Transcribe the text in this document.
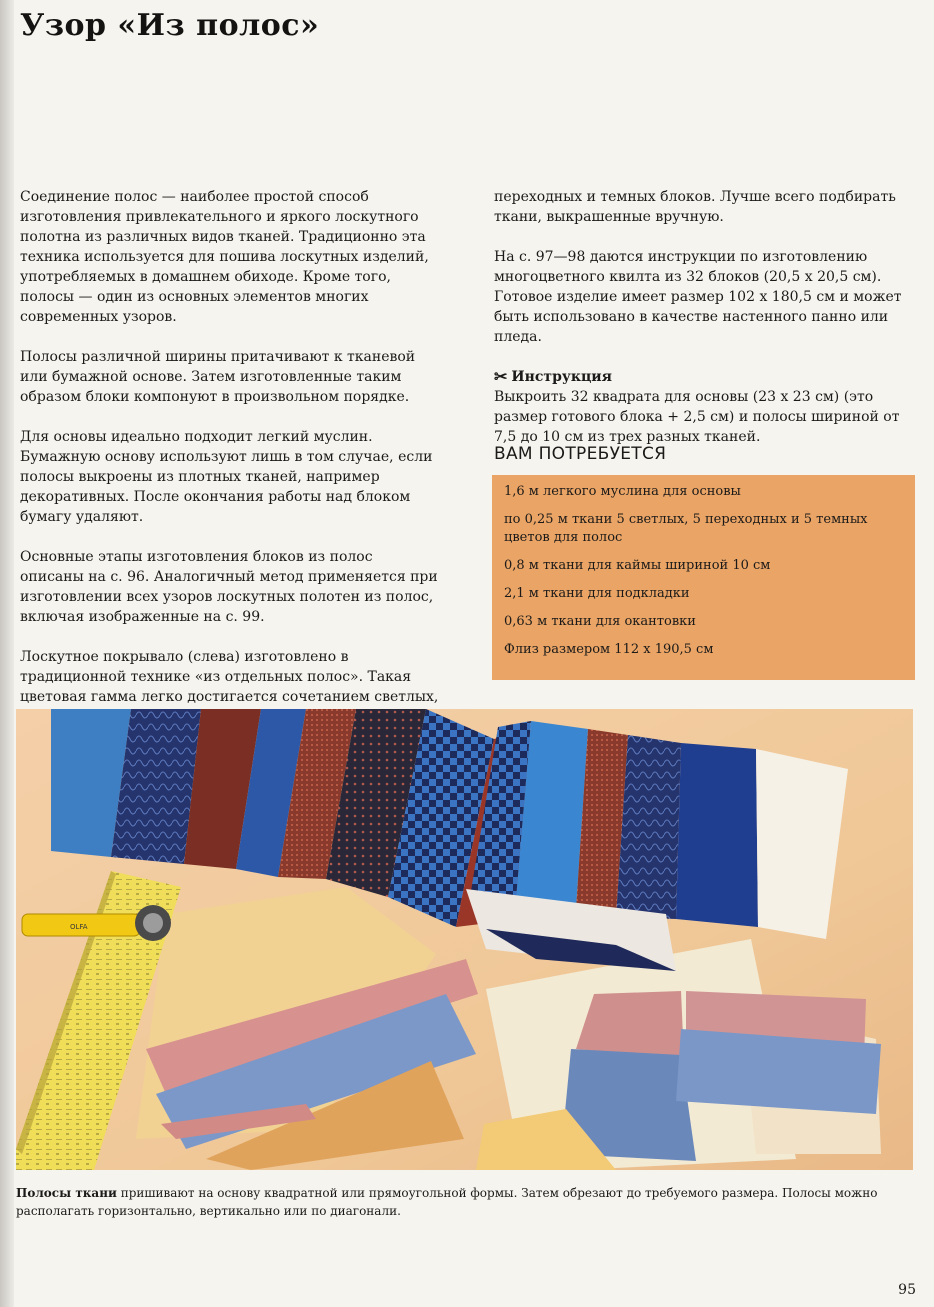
Узор «Из полос»

Соединение полос — наиболее простой способ изготовления привлекательного и яркого лоскутного полотна из различных видов тканей. Традиционно эта техника используется для пошива лоскутных изделий, употребляемых в домашнем обиходе. Кроме того, полосы — один из основных элементов многих современных узоров.

Полосы различной ширины притачивают к тканевой или бумажной основе. Затем изготовленные таким образом блоки компонуют в произвольном порядке.

Для основы идеально подходит легкий муслин. Бумажную основу используют лишь в том случае, если полосы выкроены из плотных тканей, например декоративных. После окончания работы над блоком бумагу удаляют.

Основные этапы изготовления блоков из полос описаны на с. 96. Аналогичный метод применяется при изготовлении всех узоров лоскутных полотен из полос, включая изображенные на с. 99.

Лоскутное покрывало (слева) изготовлено в традиционной технике «из отдельных полос». Такая цветовая гамма легко достигается сочетанием светлых,

переходных и темных блоков. Лучше всего подбирать ткани, выкрашенные вручную.

На с. 97—98 даются инструкции по изготовлению многоцветного квилта из 32 блоков (20,5 x 20,5 см). Готовое изделие имеет размер 102 x 180,5 см и может быть использовано в качестве настенного панно или пледа.

✂ Инструкция
Выкроить 32 квадрата для основы (23 x 23 см) (это размер готового блока + 2,5 см) и полосы шириной от 7,5 до 10 см из трех разных тканей.
ВАМ ПОТРЕБУЕТСЯ

1,6 м легкого муслина для основы

по 0,25 м ткани 5 светлых, 5 переходных и 5 темных цветов для полос

0,8 м ткани для каймы шириной 10 см

2,1 м ткани для подкладки

0,63 м ткани для окантовки

Флиз размером 112 x 190,5 см

OLFA

Полосы ткани пришивают на основу квадратной или прямоугольной формы. Затем обрезают до требуемого размера. Полосы можно располагать горизонтально, вертикально или по диагонали.

95
